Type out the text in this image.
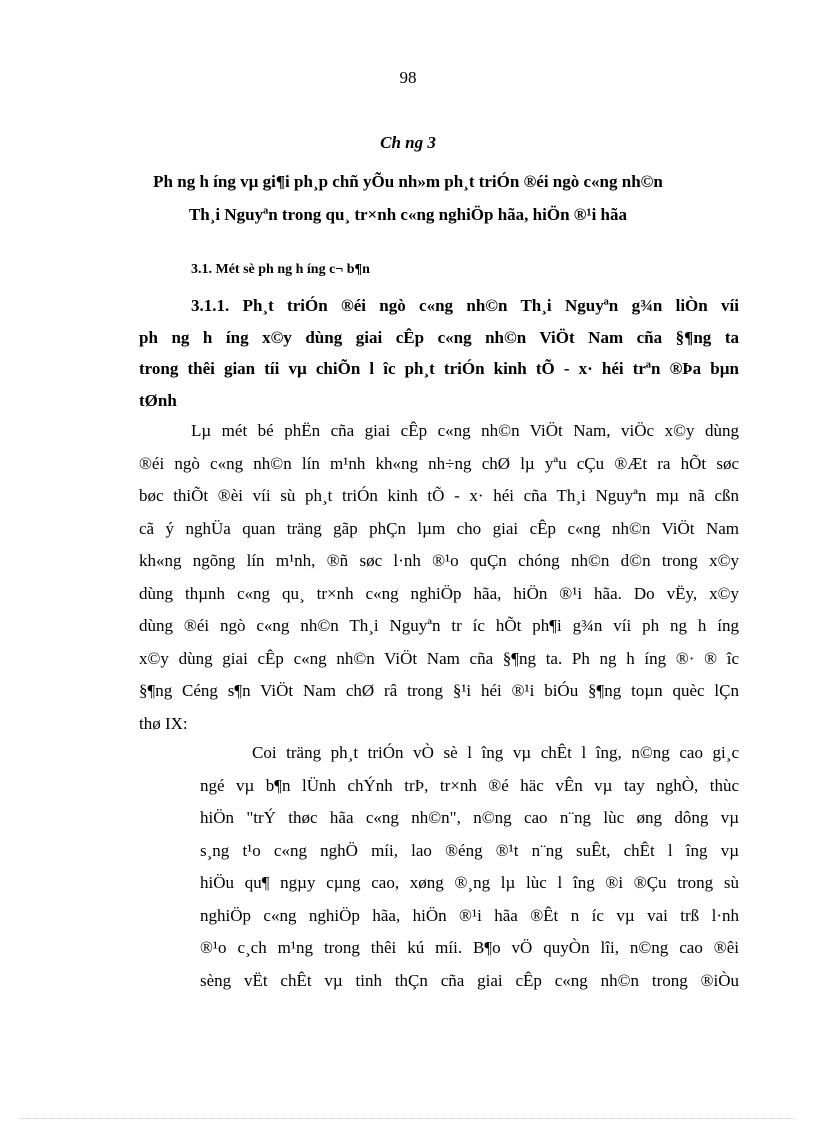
98
Ch ng 3
Ph ng h íng vµ gi¶i ph¸p chñ yÕu nh»m ph¸t triÓn ®éi ngò c«ng nh©n
Th¸i Nguyªn trong qu¸ tr×nh c«ng nghiÖp hãa, hiÖn ®¹i hãa
3.1. Mét sè ph ng h íng c¬ b¶n
3.1.1. Ph¸t triÓn ®éi ngò c«ng nh©n Th¸i Nguyªn g¾n liÒn víi
ph ng h íng x©y dùng giai cÊp c«ng nh©n ViÖt Nam cña §¶ng ta
trong thêi gian tíi vµ chiÕn l îc ph¸t triÓn kinh tÕ - x· héi trªn ®Þa bµn
tØnh
Lµ mét bé phËn cña giai cÊp c«ng nh©n ViÖt Nam, viÖc x©y dùng
®éi ngò c«ng nh©n lín m¹nh kh«ng nh÷ng chØ lµ yªu cÇu ®Æt ra hÕt søc
bøc thiÕt ®èi víi sù ph¸t triÓn kinh tÕ - x· héi cña Th¸i Nguyªn mµ nã cßn
cã ý nghÜa quan träng gãp phÇn lµm cho giai cÊp c«ng nh©n ViÖt Nam
kh«ng ngõng lín m¹nh, ®ñ søc l·nh ®¹o quÇn chóng nh©n d©n trong x©y
dùng thµnh c«ng qu¸ tr×nh c«ng nghiÖp hãa, hiÖn ®¹i hãa. Do vËy, x©y
dùng ®éi ngò c«ng nh©n Th¸i Nguyªn tr íc hÕt ph¶i g¾n víi ph ng h íng
x©y dùng giai cÊp c«ng nh©n ViÖt Nam cña §¶ng ta. Ph ng h íng ®· ® îc
§¶ng Céng s¶n ViÖt Nam chØ râ trong §¹i héi ®¹i biÓu §¶ng toµn quèc lÇn
thø IX:
Coi träng ph¸t triÓn vÒ sè l îng vµ chÊt l îng, n©ng cao gi¸c
ngé vµ b¶n lÜnh chÝnh trÞ, tr×nh ®é häc vÊn vµ tay nghÒ, thùc
hiÖn "trÝ thøc hãa c«ng nh©n", n©ng cao n¨ng lùc øng dông vµ
s¸ng t¹o c«ng nghÖ míi, lao ®éng ®¹t n¨ng suÊt, chÊt l îng vµ
hiÖu qu¶ ngµy cµng cao, xøng ®¸ng lµ lùc l îng ®i ®Çu trong sù
nghiÖp c«ng nghiÖp hãa, hiÖn ®¹i hãa ®Êt n íc vµ vai trß l·nh
®¹o c¸ch m¹ng trong thêi kú míi. B¶o vÖ quyÒn lîi, n©ng cao ®êi
sèng vËt chÊt vµ tinh thÇn cña giai cÊp c«ng nh©n trong ®iÒu
